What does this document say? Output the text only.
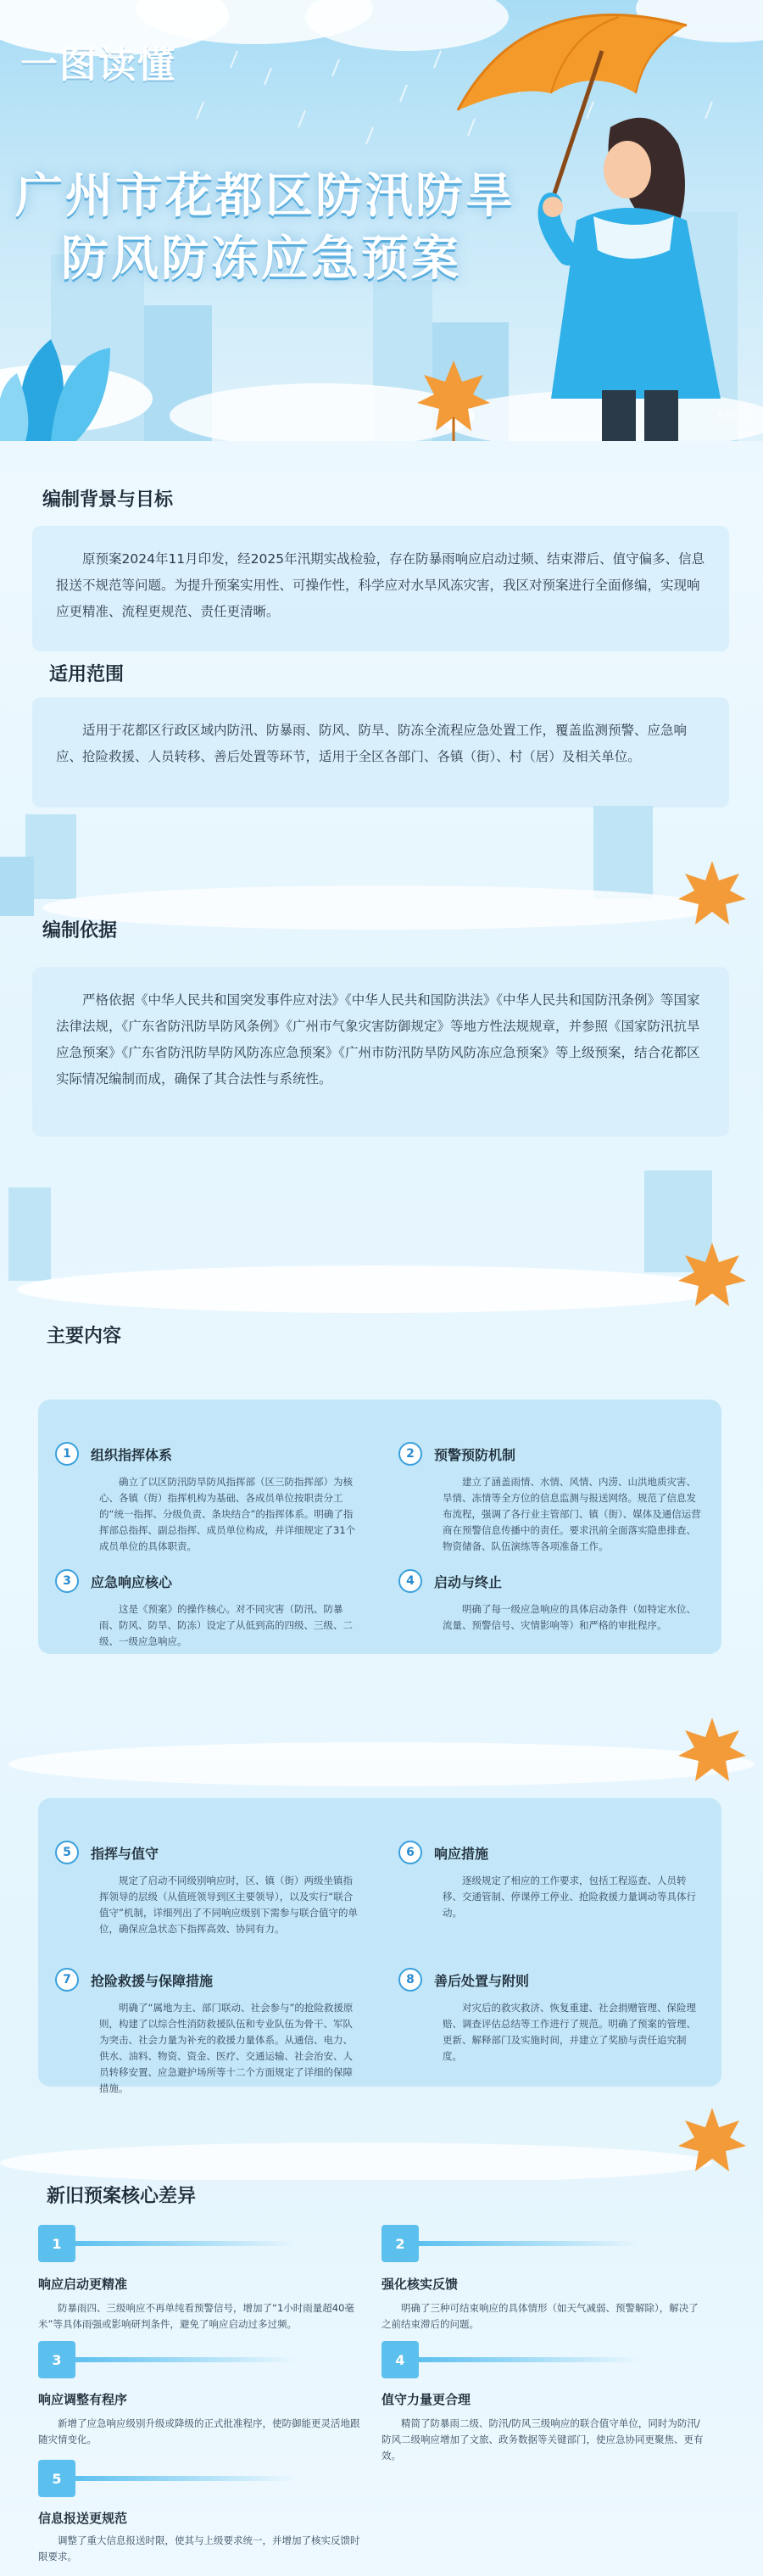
一图读懂
广州市花都区防汛防旱
防风防冻应急预案
AI生成
编制背景与目标
原预案2024年11月印发，经2025年汛期实战检验，存在防暴雨响应启动过频、结束滞后、值守偏多、信息报送不规范等问题。为提升预案实用性、可操作性，科学应对水旱风冻灾害，我区对预案进行全面修编，实现响应更精准、流程更规范、责任更清晰。
适用范围
适用于花都区行政区域内防汛、防暴雨、防风、防旱、防冻全流程应急处置工作，覆盖监测预警、应急响应、抢险救援、人员转移、善后处置等环节，适用于全区各部门、各镇（街）、村（居）及相关单位。
编制依据
严格依据《中华人民共和国突发事件应对法》《中华人民共和国防洪法》《中华人民共和国防汛条例》等国家法律法规，《广东省防汛防旱防风条例》《广州市气象灾害防御规定》等地方性法规规章，并参照《国家防汛抗旱应急预案》《广东省防汛防旱防风防冻应急预案》《广州市防汛防旱防风防冻应急预案》等上级预案，结合花都区实际情况编制而成，确保了其合法性与系统性。
主要内容
1	组织指挥体系
确立了以区防汛防旱防风指挥部（区三防指挥部）为核心、各镇（街）指挥机构为基础、各成员单位按职责分工的“统一指挥、分级负责、条块结合”的指挥体系。明确了指挥部总指挥、副总指挥、成员单位构成，并详细规定了31个成员单位的具体职责。
2	预警预防机制
建立了涵盖雨情、水情、风情、内涝、山洪地质灾害、旱情、冻情等全方位的信息监测与报送网络。规范了信息发布流程，强调了各行业主管部门、镇（街）、媒体及通信运营商在预警信息传播中的责任。要求汛前全面落实隐患排查、物资储备、队伍演练等各项准备工作。
3	应急响应核心
这是《预案》的操作核心。对不同灾害（防汛、防暴雨、防风、防旱、防冻）设定了从低到高的四级、三级、二级、一级应急响应。
4	启动与终止
明确了每一级应急响应的具体启动条件（如特定水位、流量、预警信号、灾情影响等）和严格的审批程序。
5	指挥与值守
规定了启动不同级别响应时，区、镇（街）两级坐镇指挥领导的层级（从值班领导到区主要领导），以及实行“联合值守”机制，详细列出了不同响应级别下需参与联合值守的单位，确保应急状态下指挥高效、协同有力。
6	响应措施
逐级规定了相应的工作要求，包括工程巡查、人员转移、交通管制、停课停工停业、抢险救援力量调动等具体行动。
7	抢险救援与保障措施
明确了“属地为主、部门联动、社会参与”的抢险救援原则，构建了以综合性消防救援队伍和专业队伍为骨干、军队为突击、社会力量为补充的救援力量体系。从通信、电力、供水、油料、物资、资金、医疗、交通运输、社会治安、人员转移安置、应急避护场所等十二个方面规定了详细的保障措施。
8	善后处置与附则
对灾后的救灾救济、恢复重建、社会捐赠管理、保险理赔、调查评估总结等工作进行了规范。明确了预案的管理、更新、解释部门及实施时间，并建立了奖励与责任追究制度。
新旧预案核心差异
1
响应启动更精准
防暴雨四、三级响应不再单纯看预警信号，增加了“1小时雨量超40毫米”等具体雨强或影响研判条件，避免了响应启动过多过频。
2
强化核实反馈
明确了三种可结束响应的具体情形（如天气减弱、预警解除），解决了之前结束滞后的问题。
3
响应调整有程序
新增了应急响应级别升级或降级的正式批准程序，使防御能更灵活地跟随灾情变化。
4
值守力量更合理
精简了防暴雨二级、防汛/防风三级响应的联合值守单位，同时为防汛/防风二级响应增加了文旅、政务数据等关键部门，使应急协同更聚焦、更有效。
5
信息报送更规范
调整了重大信息报送时限，使其与上级要求统一，并增加了核实反馈时限要求。
